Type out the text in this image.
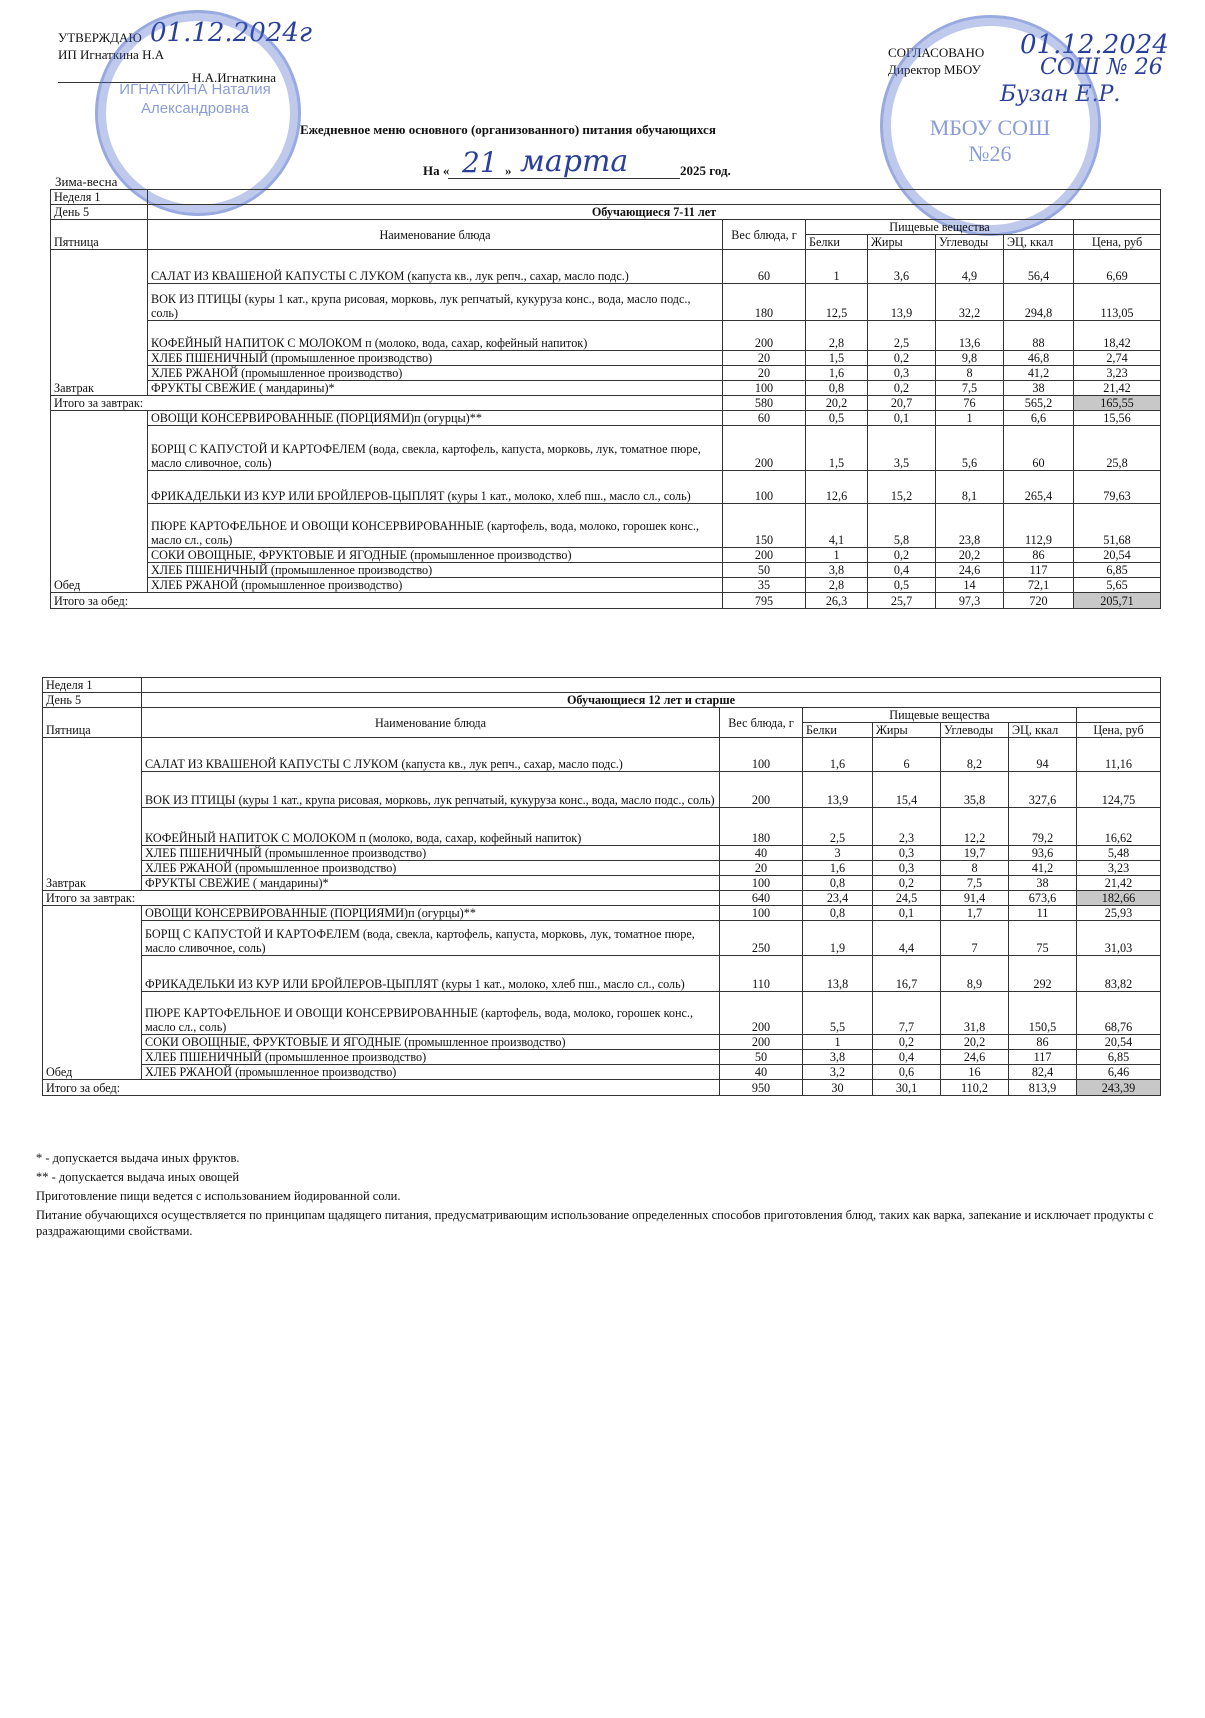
УТВЕРЖДАЮ 01.12.2024г
ИП Игнаткина Н.А
Н.А.Игнаткина
ИГНАТКИНА Наталия Александровна
СОГЛАСОВАНО 01.12.2024
Директор МБОУ	СОШ № 26
Бузан Е.Р.
МБОУ СОШ №26
Ежедневное меню основного (организованного) питания обучающихся
На « 21 » марта	2025 год.
Зима-весна
Неделя 1							
День 5	Обучающиеся 7-11 лет						
Пятница	Наименование блюда	Вес блюда, г	Пищевые вещества				
			Белки	Жиры	Углеводы	ЭЦ, ккал	Цена, руб
Завтрак	САЛАТ ИЗ КВАШЕНОЙ КАПУСТЫ С ЛУКОМ (капуста кв., лук репч., сахар, масло подс.)	60	1	3,6	4,9	56,4	6,69
	ВОК ИЗ ПТИЦЫ (куры 1 кат., крупа рисовая, морковь, лук репчатый, кукуруза конс., вода, масло подс., соль)	180	12,5	13,9	32,2	294,8	113,05
	КОФЕЙНЫЙ НАПИТОК С МОЛОКОМ п (молоко, вода, сахар, кофейный напиток)	200	2,8	2,5	13,6	88	18,42
	ХЛЕБ ПШЕНИЧНЫЙ (промышленное производство)	20	1,5	0,2	9,8	46,8	2,74
	ХЛЕБ РЖАНОЙ (промышленное производство)	20	1,6	0,3	8	41,2	3,23
	ФРУКТЫ СВЕЖИЕ ( мандарины)*	100	0,8	0,2	7,5	38	21,42
Итого за завтрак:		580	20,2	20,7	76	565,2	165,55
Обед	ОВОЩИ КОНСЕРВИРОВАННЫЕ (ПОРЦИЯМИ)п (огурцы)**	60	0,5	0,1	1	6,6	15,56
	БОРЩ С КАПУСТОЙ И КАРТОФЕЛЕМ (вода, свекла, картофель, капуста, морковь, лук, томатное пюре, масло сливочное, соль)	200	1,5	3,5	5,6	60	25,8
	ФРИКАДЕЛЬКИ ИЗ КУР ИЛИ БРОЙЛЕРОВ-ЦЫПЛЯТ (куры 1 кат., молоко, хлеб пш., масло сл., соль)	100	12,6	15,2	8,1	265,4	79,63
	ПЮРЕ КАРТОФЕЛЬНОЕ И ОВОЩИ КОНСЕРВИРОВАННЫЕ (картофель, вода, молоко, горошек конс., масло сл., соль)	150	4,1	5,8	23,8	112,9	51,68
	СОКИ ОВОЩНЫЕ, ФРУКТОВЫЕ И ЯГОДНЫЕ (промышленное производство)	200	1	0,2	20,2	86	20,54
	ХЛЕБ ПШЕНИЧНЫЙ (промышленное производство)	50	3,8	0,4	24,6	117	6,85
	ХЛЕБ РЖАНОЙ (промышленное производство)	35	2,8	0,5	14	72,1	5,65
Итого за обед:		795	26,3	25,7	97,3	720	205,71
Неделя 1							
День 5	Обучающиеся 12 лет и старше						
Пятница	Наименование блюда	Вес блюда, г	Пищевые вещества				
			Белки	Жиры	Углеводы	ЭЦ, ккал	Цена, руб
Завтрак	САЛАТ ИЗ КВАШЕНОЙ КАПУСТЫ С ЛУКОМ (капуста кв., лук репч., сахар, масло подс.)	100	1,6	6	8,2	94	11,16
	ВОК ИЗ ПТИЦЫ (куры 1 кат., крупа рисовая, морковь, лук репчатый, кукуруза конс., вода, масло подс., соль)	200	13,9	15,4	35,8	327,6	124,75
	КОФЕЙНЫЙ НАПИТОК С МОЛОКОМ п (молоко, вода, сахар, кофейный напиток)	180	2,5	2,3	12,2	79,2	16,62
	ХЛЕБ ПШЕНИЧНЫЙ (промышленное производство)	40	3	0,3	19,7	93,6	5,48
	ХЛЕБ РЖАНОЙ (промышленное производство)	20	1,6	0,3	8	41,2	3,23
	ФРУКТЫ СВЕЖИЕ ( мандарины)*	100	0,8	0,2	7,5	38	21,42
Итого за завтрак:		640	23,4	24,5	91,4	673,6	182,66
Обед	ОВОЩИ КОНСЕРВИРОВАННЫЕ (ПОРЦИЯМИ)п (огурцы)**	100	0,8	0,1	1,7	11	25,93
	БОРЩ С КАПУСТОЙ И КАРТОФЕЛЕМ (вода, свекла, картофель, капуста, морковь, лук, томатное пюре, масло сливочное, соль)	250	1,9	4,4	7	75	31,03
	ФРИКАДЕЛЬКИ ИЗ КУР ИЛИ БРОЙЛЕРОВ-ЦЫПЛЯТ (куры 1 кат., молоко, хлеб пш., масло сл., соль)	110	13,8	16,7	8,9	292	83,82
	ПЮРЕ КАРТОФЕЛЬНОЕ И ОВОЩИ КОНСЕРВИРОВАННЫЕ (картофель, вода, молоко, горошек конс., масло сл., соль)	200	5,5	7,7	31,8	150,5	68,76
	СОКИ ОВОЩНЫЕ, ФРУКТОВЫЕ И ЯГОДНЫЕ (промышленное производство)	200	1	0,2	20,2	86	20,54
	ХЛЕБ ПШЕНИЧНЫЙ (промышленное производство)	50	3,8	0,4	24,6	117	6,85
	ХЛЕБ РЖАНОЙ (промышленное производство)	40	3,2	0,6	16	82,4	6,46
Итого за обед:		950	30	30,1	110,2	813,9	243,39
* - допускается выдача иных фруктов.
** - допускается выдача иных овощей
Приготовление пищи ведется с использованием йодированной соли.
Питание обучающихся осуществляется по принципам щадящего питания, предусматривающим использование определенных способов приготовления блюд, таких как варка, запекание и исключает продукты с раздражающими свойствами.
